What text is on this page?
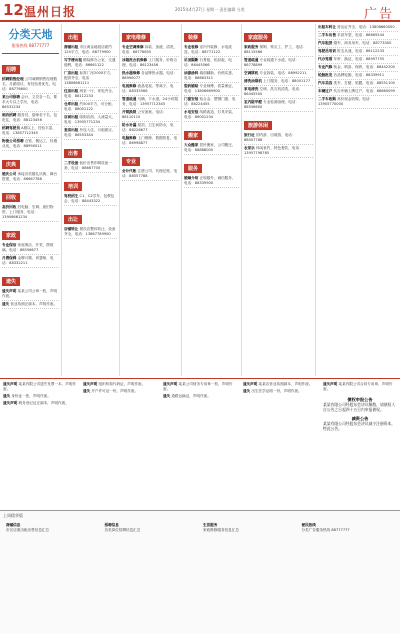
12 温州日报	2015年4月27日 星期一 责任编辑 分类	广告
分类天地
服务热线 88777777
招聘
招聘销售经理 公司诚聘销售经理数名，月薪面议，有经验者优先，电话：88776600
某公司招聘 会计、文员各一名，要求大专以上学历，电话：86531234
酒店招聘 服务员、厨师若干名，包吃住，电话：88123456
招聘驾驶员 A照以上，经验丰富，电话：13857712345
物流公司招聘 仓管、搬运工，待遇从优，电话：88990011
庆典
婚庆公司 承接各类婚礼庆典、舞台搭建，电话：86667788
回收
高价回收 旧电脑、空调、废旧物资，上门服务，电话：13906661234
家政
专业保洁 家庭保洁、开荒、擦玻璃，电话：88556677
月嫂保姆 金牌月嫂、育婴师，电话：88332211
遗失
遗失声明 某某公司公章一枚，声明作废。
遗失 营业执照正副本，声明作废。
出租
商铺出租 市区黄金地段店面约120平方，电话：88779900
写字楼出租 精装修办公室，交通便利，电话：86661122
厂房出租 标准厂房2000平方，配套齐全，电话：13806661111
住房出租 两室一厅，家电齐全，电话：88112233
仓库出租 约500平方，可分租，电话：88001122
店面出租 临街店面，人流量大，电话：13905771234
套房出租 拎包入住，月租面议，电话：86553344
出售
二手设备 低价出售印刷设备一套，电话：88667700
培训
驾校招生 C1、C2学车，包教包会，电话：88443322
出让
店铺转让 餐饮店整体转让，设备齐全，电话：13867789900
家电维修
专业空调维修 拆装、加液、清洗，电话：88776655
冰箱洗衣机维修 上门服务，价格合理，电话：86123456
热水器维修 各品牌热水器，电话：88990077
电视维修 液晶电视、等离子，电话：88335566
管道疏通 马桶、下水道，24小时服务，电话：13957712345
开锁换锁 公安备案，电话：88110110
防水补漏 屋顶、卫生间防水，电话：88226677
电脑维修 上门维修、数据恢复，电话：86998877
专业
会计代账 注册公司、代理记账，电话：88557788
装修
专业装修 室内外装修、水电改造，电话：88771122
吊顶隔断 石膏板、铝扣板，电话：86445566
油漆涂料 墙面翻新，价格实惠，电话：88663311
瓷砖铺贴 专业师傅，质量保证，电话：13806669900
门窗安装 铝合金、塑钢门窗，电话：88224455
水电安装 线路改造、灯具安装，电话：86001234
搬家
大众搬家 居民搬家、公司搬迁，电话：88888000
服务
婚姻介绍 正规婚介，诚信服务，电话：88339900
家庭服务
家政服务 保姆、钟点工、护工，电话：88115566
管道疏通 专业疏通下水道，电话：86778899
空调移机 专业拆装，电话：88992211
清洗油烟机 上门服务，电话：88001177
家电清洗 空调、洗衣机清洗，电话：86445500
室内除甲醛 专业检测治理，电话：88556600
旅游休闲
旅行社 国内游、出境游，电话：88007788
农家乐 休闲垂钓、特色餐饮，电话：13957798765
出租车转让 营运证齐全，电话：13806660000
二手车出售 多款车型，电话：88665544
汽车租赁 婚车、商务用车，电话：88773300
驾驶员培训 报名从速，电话：86112233
代办驾照 年审、换证，电话：88997755
专业汽修 钣金、喷漆、保养，电话：88442200
轮胎批发 各品牌轮胎，电话：86339911
汽车美容 洗车、打蜡、贴膜，电话：88551100
车辆过户 代办车辆上牌过户，电话：88660099
二手车收购 高价现金收购，电话：13905770000
遗失声明 某某有限公司遗失发票一本，声明作废。
遗失 身份证一张，声明作废。
遗失声明 税务登记证正副本，声明作废。
遗失声明 组织机构代码证，声明作废。
遗失 开户许可证一份，声明作废。
遗失声明 某某公司财务专用章一枚，声明作废。
遗失 道路运输证，声明作废。
遗失声明 某某店营业执照副本，声明作废。
遗失 出生医学证明一份，声明作废。
遗失声明 某某有限公司合同专用章，声明作废。
债权申报公告
某某有限公司经股东会决议解散，请债权人自公告之日起四十五日内申报债权。
减资公告
某某有限公司经股东会决议减少注册资本，特此公告。
上周精华版
商铺信息
市区店面出租出售信息汇总
招聘信息
各类岗位招聘信息汇总
生活服务
家政维修服务信息汇总
便民热线
分类广告服务热线 88777777
